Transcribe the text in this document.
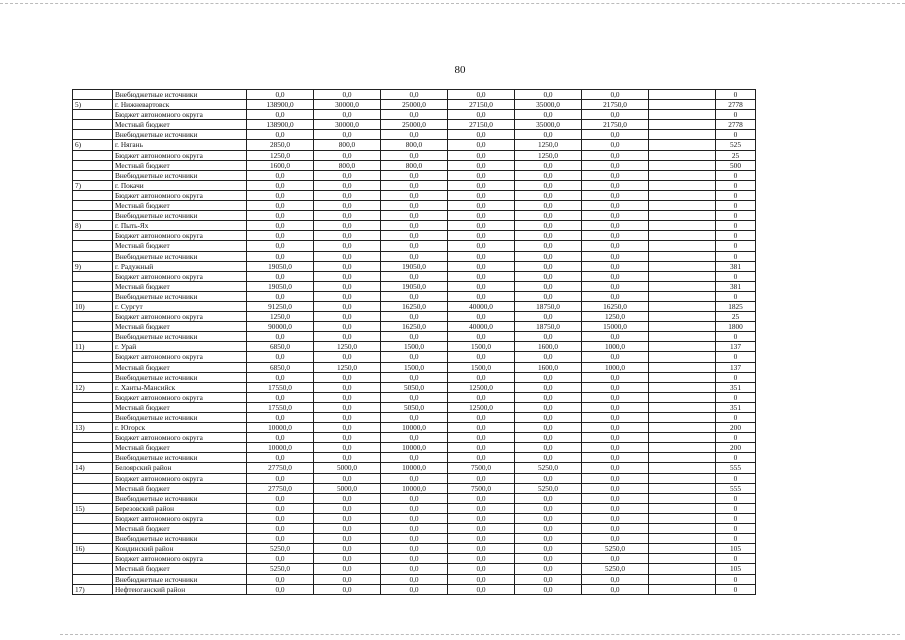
80
	Внебюджетные источники	0,0	0,0	0,0	0,0	0,0	0,0		0
5)	г. Нижневартовск	138900,0	30000,0	25000,0	27150,0	35000,0	21750,0		2778
	Бюджет автономного округа	0,0	0,0	0,0	0,0	0,0	0,0		0
	Местный бюджет	138900,0	30000,0	25000,0	27150,0	35000,0	21750,0		2778
	Внебюджетные источники	0,0	0,0	0,0	0,0	0,0	0,0		0
6)	г. Нягань	2850,0	800,0	800,0	0,0	1250,0	0,0		525
	Бюджет автономного округа	1250,0	0,0	0,0	0,0	1250,0	0,0		25
	Местный бюджет	1600,0	800,0	800,0	0,0	0,0	0,0		500
	Внебюджетные источники	0,0	0,0	0,0	0,0	0,0	0,0		0
7)	г. Покачи	0,0	0,0	0,0	0,0	0,0	0,0		0
	Бюджет автономного округа	0,0	0,0	0,0	0,0	0,0	0,0		0
	Местный бюджет	0,0	0,0	0,0	0,0	0,0	0,0		0
	Внебюджетные источники	0,0	0,0	0,0	0,0	0,0	0,0		0
8)	г. Пыть-Ях	0,0	0,0	0,0	0,0	0,0	0,0		0
	Бюджет автономного округа	0,0	0,0	0,0	0,0	0,0	0,0		0
	Местный бюджет	0,0	0,0	0,0	0,0	0,0	0,0		0
	Внебюджетные источники	0,0	0,0	0,0	0,0	0,0	0,0		0
9)	г. Радужный	19050,0	0,0	19050,0	0,0	0,0	0,0		381
	Бюджет автономного округа	0,0	0,0	0,0	0,0	0,0	0,0		0
	Местный бюджет	19050,0	0,0	19050,0	0,0	0,0	0,0		381
	Внебюджетные источники	0,0	0,0	0,0	0,0	0,0	0,0		0
10)	г. Сургут	91250,0	0,0	16250,0	40000,0	18750,0	16250,0		1825
	Бюджет автономного округа	1250,0	0,0	0,0	0,0	0,0	1250,0		25
	Местный бюджет	90000,0	0,0	16250,0	40000,0	18750,0	15000,0		1800
	Внебюджетные источники	0,0	0,0	0,0	0,0	0,0	0,0		0
11)	г. Урай	6850,0	1250,0	1500,0	1500,0	1600,0	1000,0		137
	Бюджет автономного округа	0,0	0,0	0,0	0,0	0,0	0,0		0
	Местный бюджет	6850,0	1250,0	1500,0	1500,0	1600,0	1000,0		137
	Внебюджетные источники	0,0	0,0	0,0	0,0	0,0	0,0		0
12)	г. Ханты-Мансийск	17550,0	0,0	5050,0	12500,0	0,0	0,0		351
	Бюджет автономного округа	0,0	0,0	0,0	0,0	0,0	0,0		0
	Местный бюджет	17550,0	0,0	5050,0	12500,0	0,0	0,0		351
	Внебюджетные источники	0,0	0,0	0,0	0,0	0,0	0,0		0
13)	г. Югорск	10000,0	0,0	10000,0	0,0	0,0	0,0		200
	Бюджет автономного округа	0,0	0,0	0,0	0,0	0,0	0,0		0
	Местный бюджет	10000,0	0,0	10000,0	0,0	0,0	0,0		200
	Внебюджетные источники	0,0	0,0	0,0	0,0	0,0	0,0		0
14)	Белоярский район	27750,0	5000,0	10000,0	7500,0	5250,0	0,0		555
	Бюджет автономного округа	0,0	0,0	0,0	0,0	0,0	0,0		0
	Местный бюджет	27750,0	5000,0	10000,0	7500,0	5250,0	0,0		555
	Внебюджетные источники	0,0	0,0	0,0	0,0	0,0	0,0		0
15)	Березовский район	0,0	0,0	0,0	0,0	0,0	0,0		0
	Бюджет автономного округа	0,0	0,0	0,0	0,0	0,0	0,0		0
	Местный бюджет	0,0	0,0	0,0	0,0	0,0	0,0		0
	Внебюджетные источники	0,0	0,0	0,0	0,0	0,0	0,0		0
16)	Кондинский район	5250,0	0,0	0,0	0,0	0,0	5250,0		105
	Бюджет автономного округа	0,0	0,0	0,0	0,0	0,0	0,0		0
	Местный бюджет	5250,0	0,0	0,0	0,0	0,0	5250,0		105
	Внебюджетные источники	0,0	0,0	0,0	0,0	0,0	0,0		0
17)	Нефтеюганский район	0,0	0,0	0,0	0,0	0,0	0,0		0
